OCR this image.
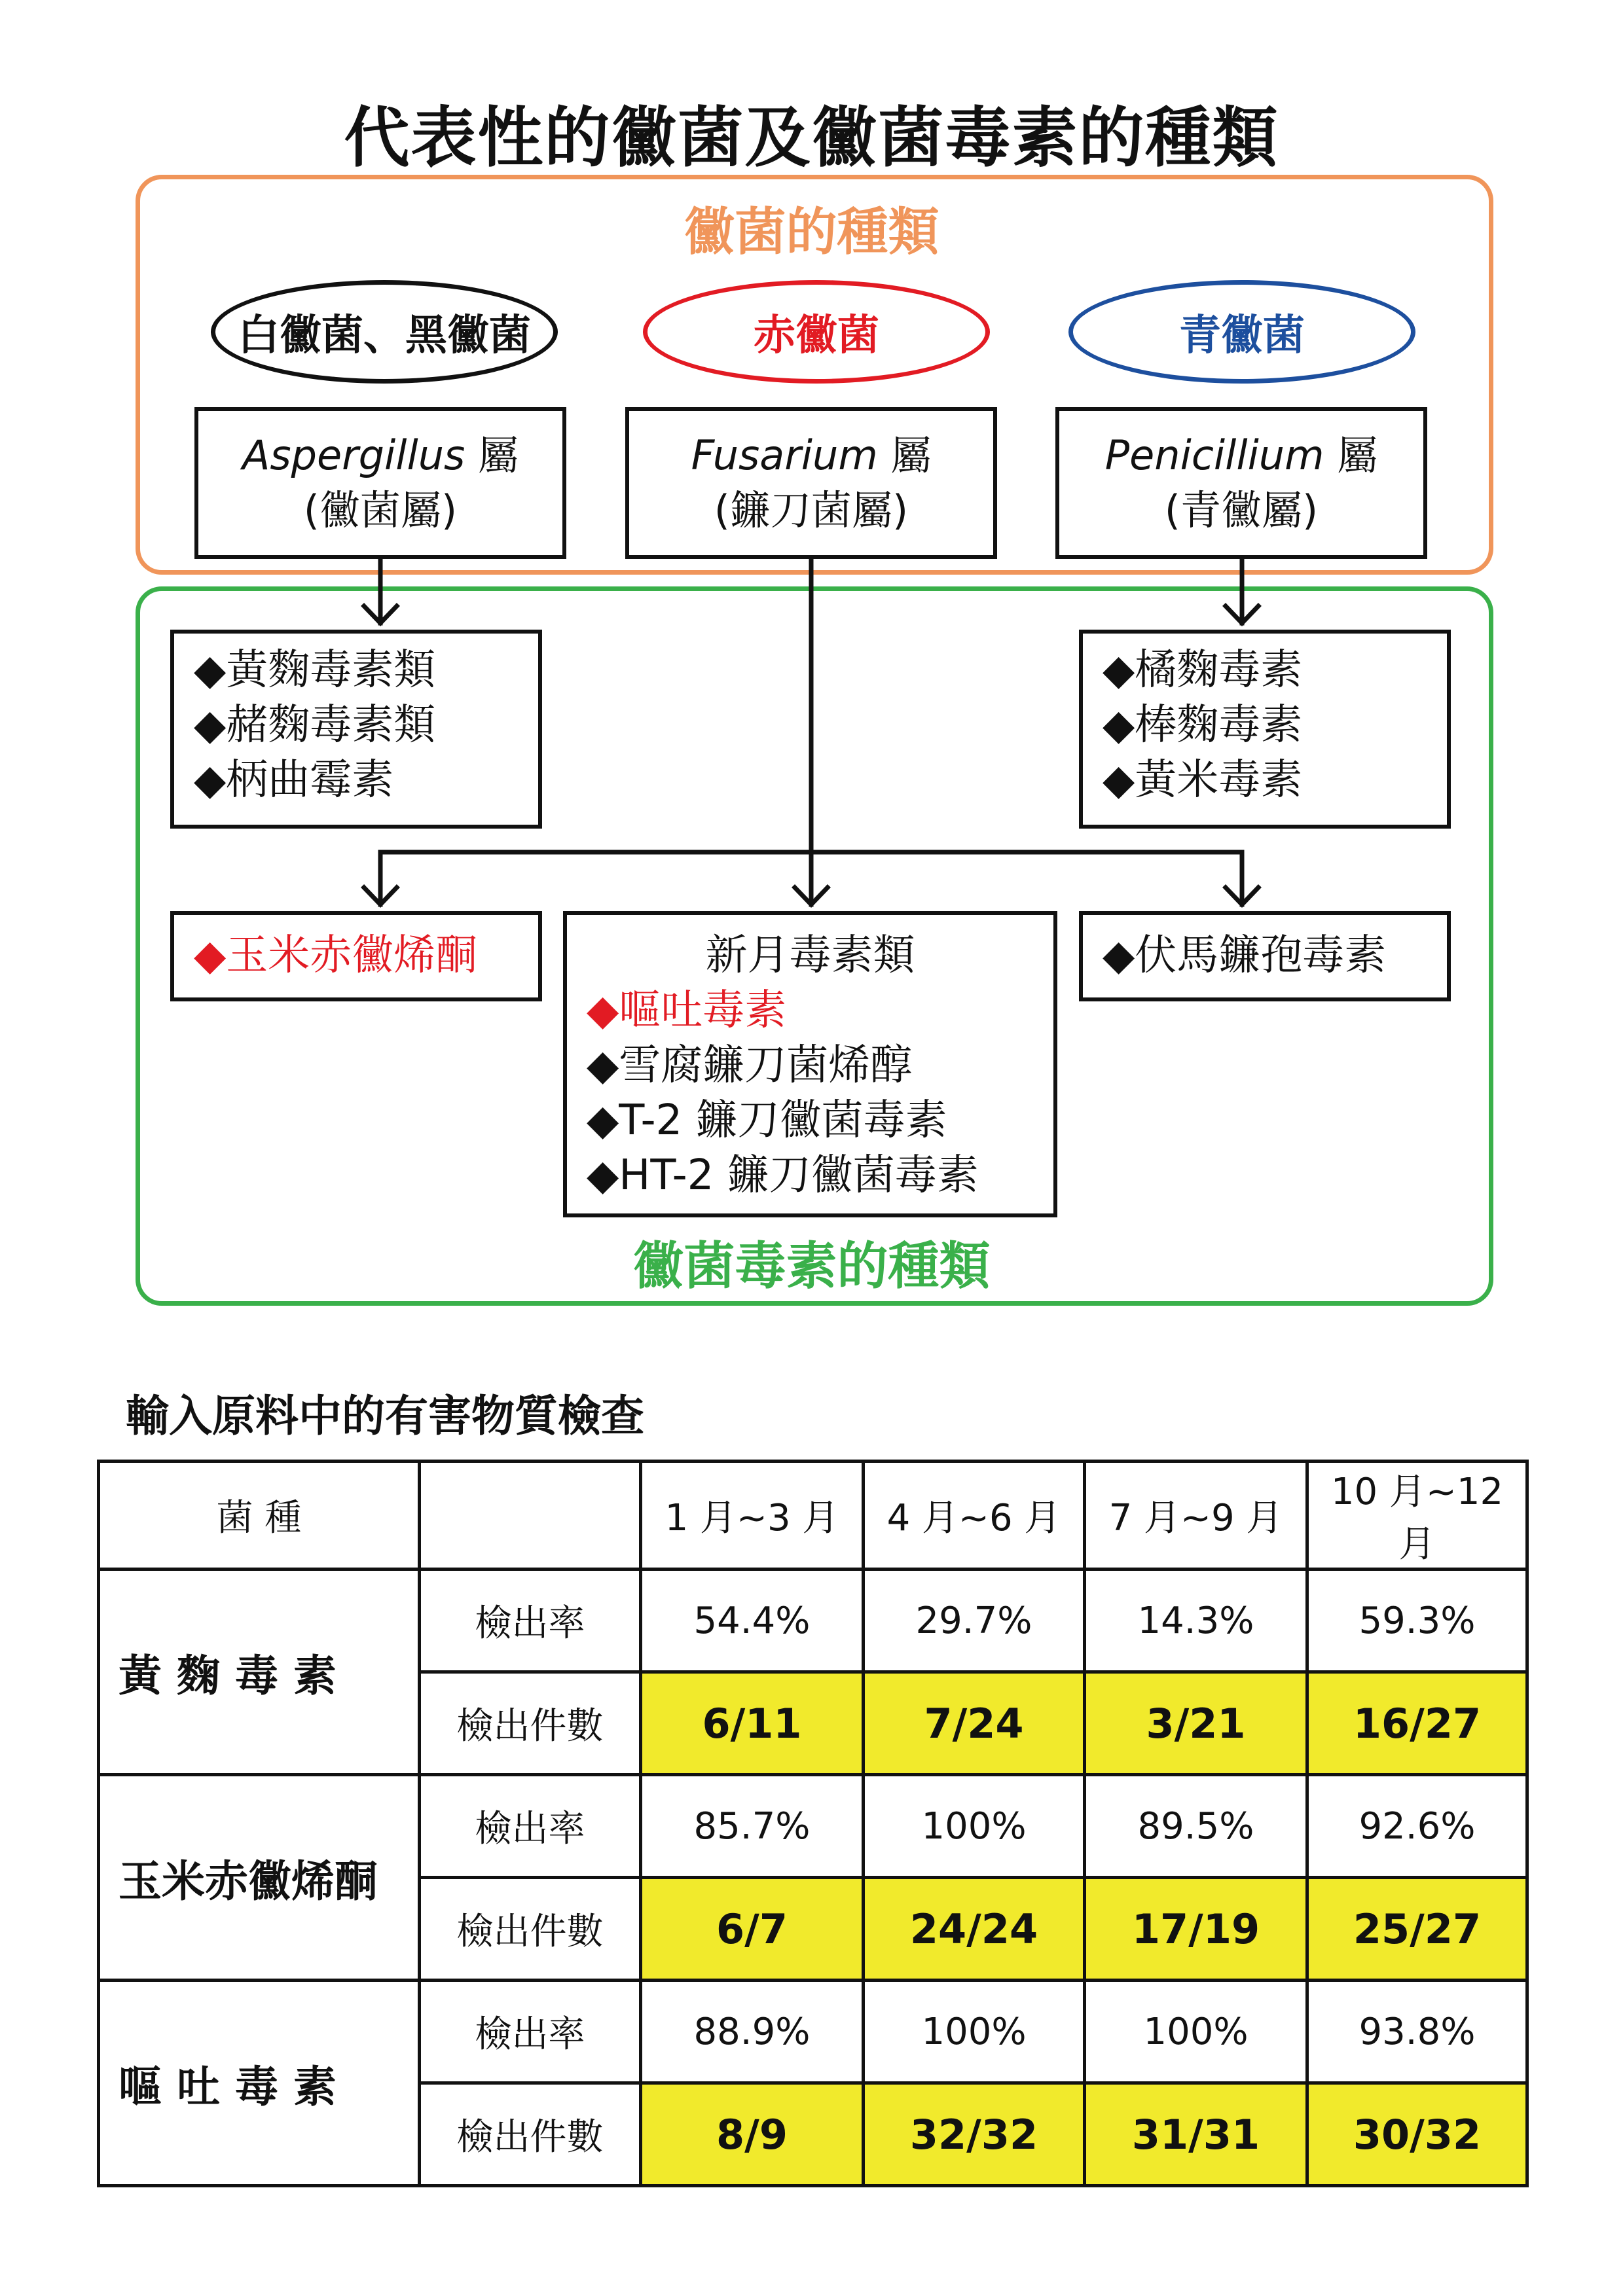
代表性的黴菌及黴菌毒素的種類
黴菌的種類
白黴菌、黑黴菌	赤黴菌	青黴菌
Aspergillus 屬
(黴菌屬)
Fusarium 屬
(鐮刀菌屬)
Penicillium 屬
(青黴屬)
◆黃麴毒素類
◆赭麴毒素類
◆柄曲霉素
◆橘麴毒素
◆棒麴毒素
◆黃米毒素
◆玉米赤黴烯酮	◆伏馬鐮孢毒素
新月毒素類
◆嘔吐毒素
◆雪腐鐮刀菌烯醇
◆T-2 鐮刀黴菌毒素
◆HT-2 鐮刀黴菌毒素
黴菌毒素的種類
輸入原料中的有害物質檢查
菌 種		1 月~3 月	4 月~6 月	7 月~9 月	10 月~12 月
黃 麴 毒 素	檢出率	54.4%	29.7%	14.3%	59.3%
	檢出件數	6/11	7/24	3/21	16/27
玉米赤黴烯酮	檢出率	85.7%	100%	89.5%	92.6%
	檢出件數	6/7	24/24	17/19	25/27
嘔 吐 毒 素	檢出率	88.9%	100%	100%	93.8%
	檢出件數	8/9	32/32	31/31	30/32
